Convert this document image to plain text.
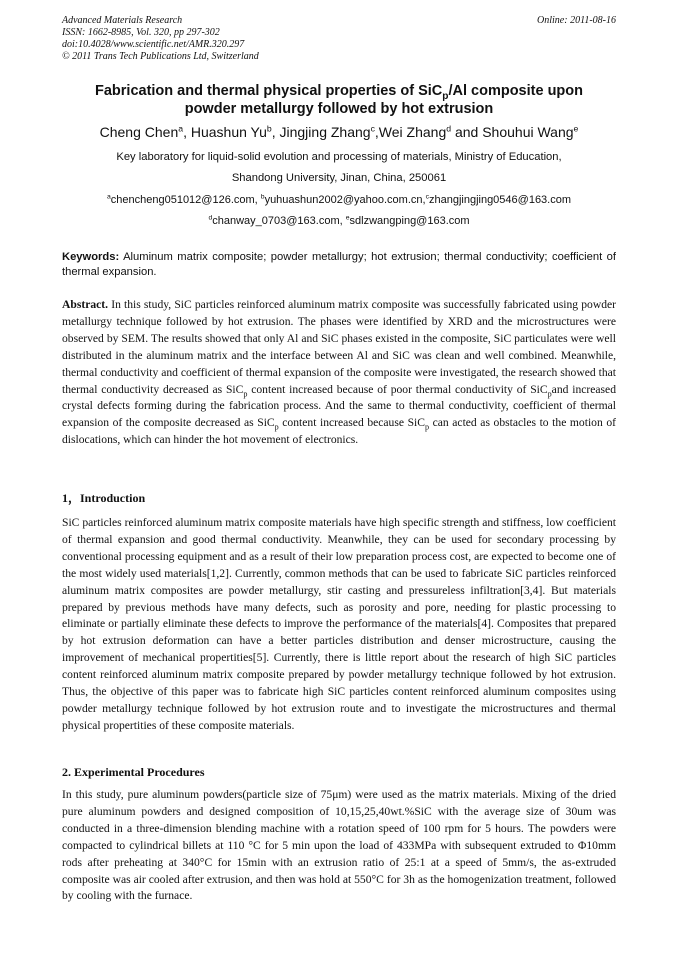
Advanced Materials Research
ISSN: 1662-8985, Vol. 320, pp 297-302
doi:10.4028/www.scientific.net/AMR.320.297
© 2011 Trans Tech Publications Ltd, Switzerland
Online: 2011-08-16
Fabrication and thermal physical properties of SiC$_p$/Al composite upon
powder metallurgy followed by hot extrusion
Cheng Chen$^a$, Huashun Yu$^b$, Jingjing Zhang$^c$,Wei Zhang$^d$ and Shouhui Wang$^e$
Key laboratory for liquid-solid evolution and processing of materials, Ministry of Education,
Shandong University, Jinan, China, 250061
$^a$chencheng051012@126.com, $^b$yuhuashun2002@yahoo.com.cn,$^c$zhangjingjing0546@163.com
$^d$chanway_0703@163.com, $^e$sdlzwangping@163.com
Keywords: Aluminum matrix composite; powder metallurgy; hot extrusion; thermal conductivity; coefficient of thermal expansion.

Abstract. In this study, SiC particles reinforced aluminum matrix composite was successfully fabricated using powder metallurgy technique followed by hot extrusion. The phases were identified by XRD and the microstructures were observed by SEM. The results showed that only Al and SiC phases existed in the composite, SiC particulates were well distributed in the aluminum matrix and the interface between Al and SiC was clean and well combined. Meanwhile, thermal conductivity and coefficient of thermal expansion of the composite were investigated, the research showed that thermal conductivity decreased as SiC$_p$ content increased because of poor thermal conductivity of SiC$_p$and increased crystal defects forming during the fabrication process. And the same to thermal conductivity, coefficient of thermal expansion of the composite decreased as SiC$_p$ content increased because SiC$_p$ can acted as obstacles to the motion of dislocations, which can hinder the hot movement of electronics.

1，Introduction

SiC particles reinforced aluminum matrix composite materials have high specific strength and stiffness, low coefficient of thermal expansion and good thermal conductivity. Meanwhile, they can be used for secondary processing by conventional processing equipment and as a result of their low preparation process cost, are expected to become one of the most widely used materials[1,2]. Currently, common methods that can be used to fabricate SiC particles reinforced aluminum matrix composites are powder metallurgy, stir casting and pressureless infiltration[3,4]. But materials prepared by previous methods have many defects, such as porosity and pore, needing for plastic processing to eliminate or partially eliminate these defects to improve the performance of the materials[4]. Composites that prepared by hot extrusion deformation can have a better particles distribution and denser microstructure, causing the improvement of mechanical propertities[5]. Currently, there is little report about the research of high SiC particles content reinforced aluminum matrix composite prepared by powder metallurgy technique followed by hot extrusion. Thus, the objective of this paper was to fabricate high SiC particles content reinforced aluminum composites using powder metallurgy technique followed by hot extrusion route and to investigate the microstructures and thermal physical propertities of these composite materials.

2. Experimental Procedures

In this study, pure aluminum powders(particle size of 75μm) were used as the matrix materials. Mixing of the dried pure aluminum powders and designed composition of 10,15,25,40wt.%SiC with the average size of 30um was conducted in a three-dimension blending machine with a rotation speed of 100 rpm for 5 hours. The powders were compacted to cylindrical billets at 110 °C for 5 min upon the load of 433MPa with subsequent extruded to Φ10mm rods after preheating at 340°C for 15min with an extrusion ratio of 25:1 at a speed of 5mm/s, the as-extruded composite was air cooled after extrusion, and then was hold at 550°C for 3h as the homogenization treatment, followed by cooling with the furnace.
